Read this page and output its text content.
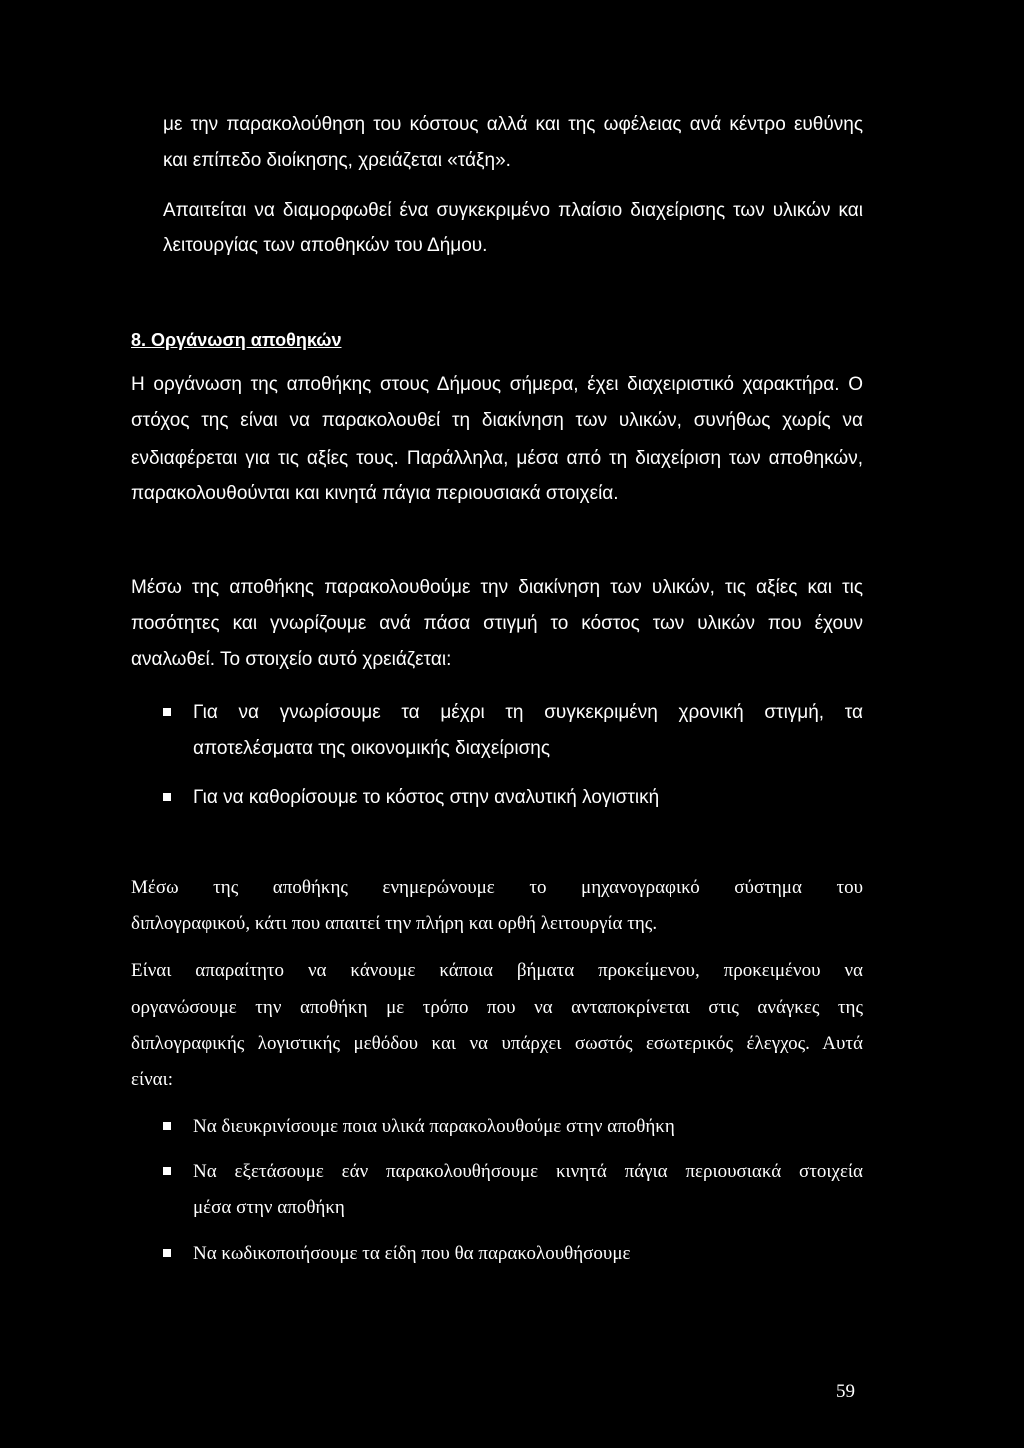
με την παρακολούθηση του κόστους αλλά και της ωφέλειας ανά κέντρο ευθύνης
και επίπεδο διοίκησης, χρειάζεται «τάξη».
Απαιτείται να διαμορφωθεί ένα συγκεκριμένο πλαίσιο διαχείρισης των υλικών και
λειτουργίας των αποθηκών του Δήμου.
8. Οργάνωση αποθηκών
Η οργάνωση της αποθήκης στους Δήμους σήμερα, έχει διαχειριστικό χαρακτήρα. Ο
στόχος της είναι να παρακολουθεί τη διακίνηση των υλικών, συνήθως χωρίς να
ενδιαφέρεται για τις αξίες τους. Παράλληλα, μέσα από τη διαχείριση των αποθηκών,
παρακολουθούνται και κινητά πάγια περιουσιακά στοιχεία.
Μέσω της αποθήκης παρακολουθούμε την διακίνηση των υλικών, τις αξίες και τις
ποσότητες και γνωρίζουμε ανά πάσα στιγμή το κόστος των υλικών που έχουν
αναλωθεί. Το στοιχείο αυτό χρειάζεται:
Για να γνωρίσουμε τα μέχρι τη συγκεκριμένη χρονική στιγμή, τα
αποτελέσματα της οικονομικής διαχείρισης
Για να καθορίσουμε το κόστος στην αναλυτική λογιστική
Μέσω της αποθήκης ενημερώνουμε το μηχανογραφικό σύστημα του
διπλογραφικού, κάτι που απαιτεί την πλήρη και ορθή λειτουργία της.
Είναι απαραίτητο να κάνουμε κάποια βήματα προκείμενου, προκειμένου να
οργανώσουμε την αποθήκη με τρόπο που να ανταποκρίνεται στις ανάγκες της
διπλογραφικής λογιστικής μεθόδου και να υπάρχει σωστός εσωτερικός έλεγχος. Αυτά
είναι:
Να διευκρινίσουμε ποια υλικά παρακολουθούμε στην αποθήκη
Να εξετάσουμε εάν παρακολουθήσουμε κινητά πάγια περιουσιακά στοιχεία
μέσα στην αποθήκη
Να κωδικοποιήσουμε τα είδη που θα παρακολουθήσουμε
59
